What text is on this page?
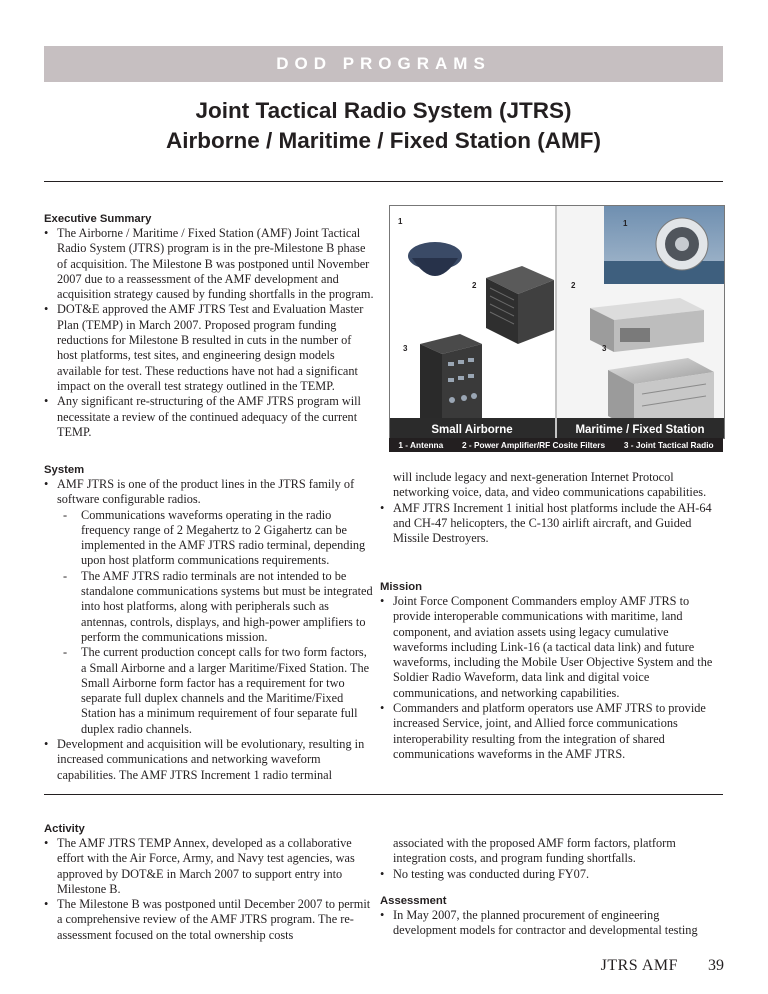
DOD PROGRAMS
Joint Tactical Radio System (JTRS)
Airborne / Maritime / Fixed Station (AMF)
Executive Summary
• The Airborne / Maritime / Fixed Station (AMF) Joint Tactical Radio System (JTRS) program is in the pre-Milestone B phase of acquisition. The Milestone B was postponed until November 2007 due to a reassessment of the AMF development and acquisition strategy caused by funding shortfalls in the program.
• DOT&E approved the AMF JTRS Test and Evaluation Master Plan (TEMP) in March 2007. Proposed program funding reductions for Milestone B resulted in cuts in the number of host platforms, test sites, and engineering design models available for test. These reductions have not had a significant impact on the overall test strategy outlined in the TEMP.
• Any significant re-structuring of the AMF JTRS program will necessitate a review of the continued adequacy of the current TEMP.
1
2
3
1
2
3
Small Airborne	Maritime / Fixed Station
1 - Antenna 2 - Power Amplifier/RF Cosite Filters 3 - Joint Tactical Radio
System
• AMF JTRS is one of the product lines in the JTRS family of software configurable radios.
- Communications waveforms operating in the radio frequency range of 2 Megahertz to 2 Gigahertz can be implemented in the AMF JTRS radio terminal, depending upon host platform communications requirements.
- The AMF JTRS radio terminals are not intended to be standalone communications systems but must be integrated into host platforms, along with peripherals such as antennas, controls, displays, and high-power amplifiers to perform the communications mission.
- The current production concept calls for two form factors, a Small Airborne and a larger Maritime/Fixed Station. The Small Airborne form factor has a requirement for two separate full duplex channels and the Maritime/Fixed Station has a minimum requirement of four separate full duplex radio channels.
• Development and acquisition will be evolutionary, resulting in increased communications and networking waveform capabilities. The AMF JTRS Increment 1 radio terminal

will include legacy and next-generation Internet Protocol networking voice, data, and video communications capabilities.

• AMF JTRS Increment 1 initial host platforms include the AH-64 and CH-47 helicopters, the C-130 airlift aircraft, and Guided Missile Destroyers.
Mission
• Joint Force Component Commanders employ AMF JTRS to provide interoperable communications with maritime, land component, and aviation assets using legacy cumulative waveforms including Link-16 (a tactical data link) and future waveforms, including the Mobile User Objective System and the Soldier Radio Waveform, data link and digital voice communications, and networking capabilities.
• Commanders and platform operators use AMF JTRS to provide increased Service, joint, and Allied force communications interoperability resulting from the integration of shared communications waveforms in the AMF JTRS.
Activity
• The AMF JTRS TEMP Annex, developed as a collaborative effort with the Air Force, Army, and Navy test agencies, was approved by DOT&E in March 2007 to support entry into Milestone B.
• The Milestone B was postponed until December 2007 to permit a comprehensive review of the AMF JTRS program. The re-assessment focused on the total ownership costs

associated with the proposed AMF form factors, platform integration costs, and program funding shortfalls.

• No testing was conducted during FY07.
Assessment
• In May 2007, the planned procurement of engineering development models for contractor and developmental testing
JTRS AMF 39
